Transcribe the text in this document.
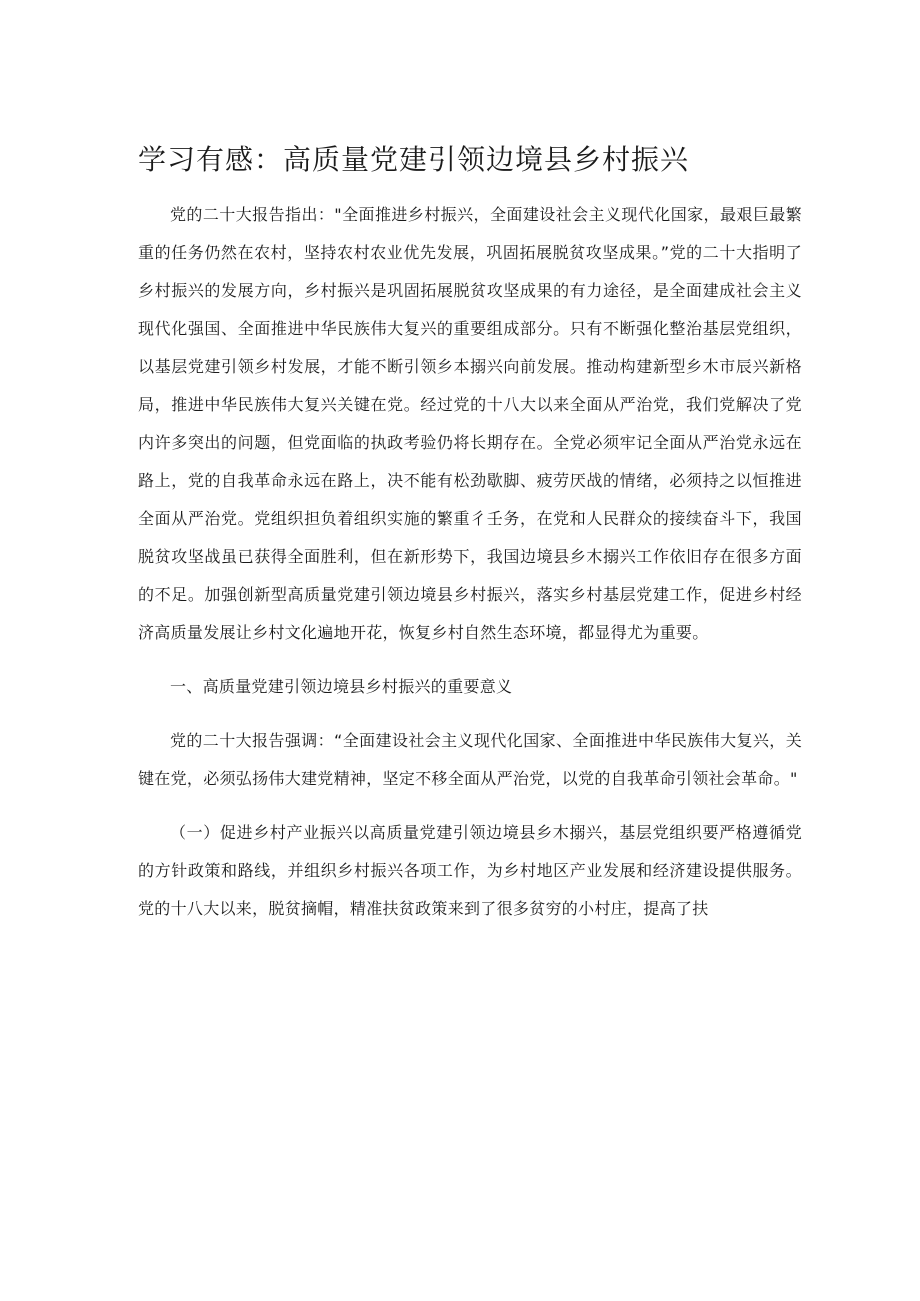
学习有感：高质量党建引领边境县乡村振兴

党的二十大报告指出："全面推进乡村振兴，全面建设社会主义现代化国家，最艰巨最繁重的任务仍然在农村，坚持农村农业优先发展，巩固拓展脱贫攻坚成果。”党的二十大指明了乡村振兴的发展方向，乡村振兴是巩固拓展脱贫攻坚成果的有力途径，是全面建成社会主义现代化强国、全面推进中华民族伟大复兴的重要组成部分。只有不断强化整治基层党组织，以基层党建引领乡村发展，才能不断引领乡本搦兴向前发展。推动构建新型乡木市辰兴新格局，推进中华民族伟大复兴关键在党。经过党的十八大以来全面从严治党，我们党解决了党内许多突出的问题，但党面临的执政考验仍将长期存在。全党必须牢记全面从严治党永远在路上，党的自我革命永远在路上，决不能有松劲歇脚、疲劳厌战的情绪，必须持之以恒推进全面从严治党。党组织担负着组织实施的繁重彳壬务，在党和人民群众的接续奋斗下，我国脱贫攻坚战虽已获得全面胜利，但在新形势下，我国边境县乡木搦兴工作依旧存在很多方面的不足。加强创新型高质量党建引领边境县乡村振兴，落实乡村基层党建工作，促进乡村经济高质量发展让乡村文化遍地开花，恢复乡村自然生态环境，都显得尤为重要。

一、高质量党建引领边境县乡村振兴的重要意义

党的二十大报告强调：“全面建设社会主义现代化国家、全面推进中华民族伟大复兴，关键在党，必须弘扬伟大建党精神，坚定不移全面从严治党，以党的自我革命引领社会革命。"

（一）促进乡村产业振兴以高质量党建引领边境县乡木搦兴，基层党组织要严格遵循党的方针政策和路线，并组织乡村振兴各项工作，为乡村地区产业发展和经济建设提供服务。党的十八大以来，脱贫摘帽，精准扶贫政策来到了很多贫穷的小村庄，提高了扶
